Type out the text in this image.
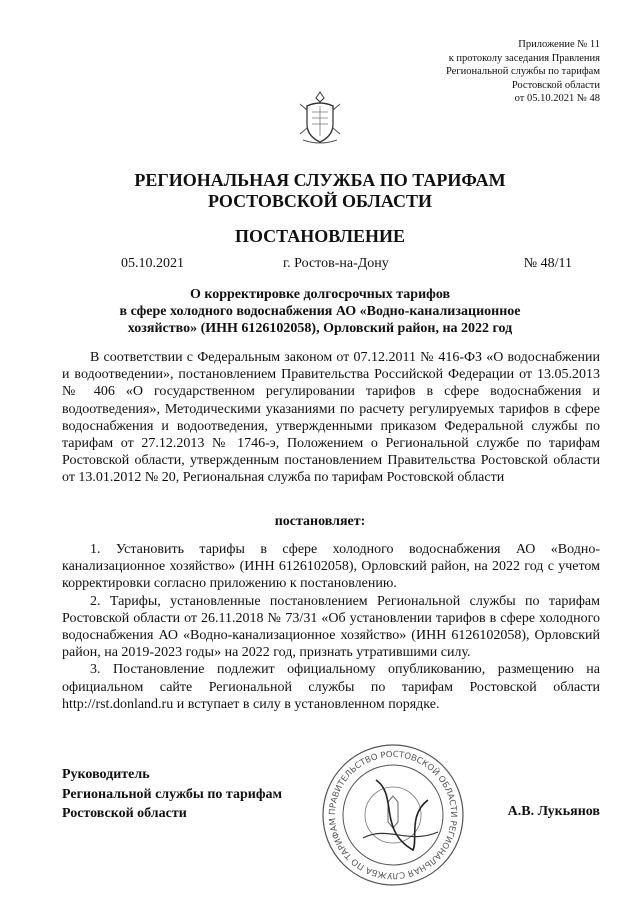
Приложение № 11
к протоколу заседания Правления
Региональной службы по тарифам
Ростовской области
от 05.10.2021 № 48
РЕГИОНАЛЬНАЯ СЛУЖБА ПО ТАРИФАМ
РОСТОВСКОЙ ОБЛАСТИ
ПОСТАНОВЛЕНИЕ
05.10.2021	г. Ростов-на-Дону	№ 48/11
О корректировке долгосрочных тарифов
в сфере холодного водоснабжения АО «Водно-канализационное
хозяйство» (ИНН 6126102058), Орловский район, на 2022 год
В соответствии с Федеральным законом от 07.12.2011 № 416-ФЗ «О водоснабжении и водоотведении», постановлением Правительства Российской Федерации от 13.05.2013 № 406 «О государственном регулировании тарифов в сфере водоснабжения и водоотведения», Методическими указаниями по расчету регулируемых тарифов в сфере водоснабжения и водоотведения, утвержденными приказом Федеральной службы по тарифам от 27.12.2013 № 1746-э, Положением о Региональной службе по тарифам Ростовской области, утвержденным постановлением Правительства Ростовской области от 13.01.2012 № 20, Региональная служба по тарифам Ростовской области
постановляет:

1. Установить тарифы в сфере холодного водоснабжения АО «Водно-канализационное хозяйство» (ИНН 6126102058), Орловский район, на 2022 год с учетом корректировки согласно приложению к постановлению.

2. Тарифы, установленные постановлением Региональной службы по тарифам Ростовской области от 26.11.2018 № 73/31 «Об установлении тарифов в сфере холодного водоснабжения АО «Водно-канализационное хозяйство» (ИНН 6126102058), Орловский район, на 2019-2023 годы» на 2022 год, признать утратившими силу.

3. Постановление подлежит официальному опубликованию, размещению на официальном сайте Региональной службы по тарифам Ростовской области http://rst.donland.ru и вступает в силу в установленном порядке.

Руководитель
Региональной службы по тарифам
Ростовской области	ПРАВИТЕЛЬСТВО РОСТОВСКОЙ ОБЛАСТИ РЕГИОНАЛЬНАЯ СЛУЖБА ПО ТАРИФАМ
А.В. Лукьянов
